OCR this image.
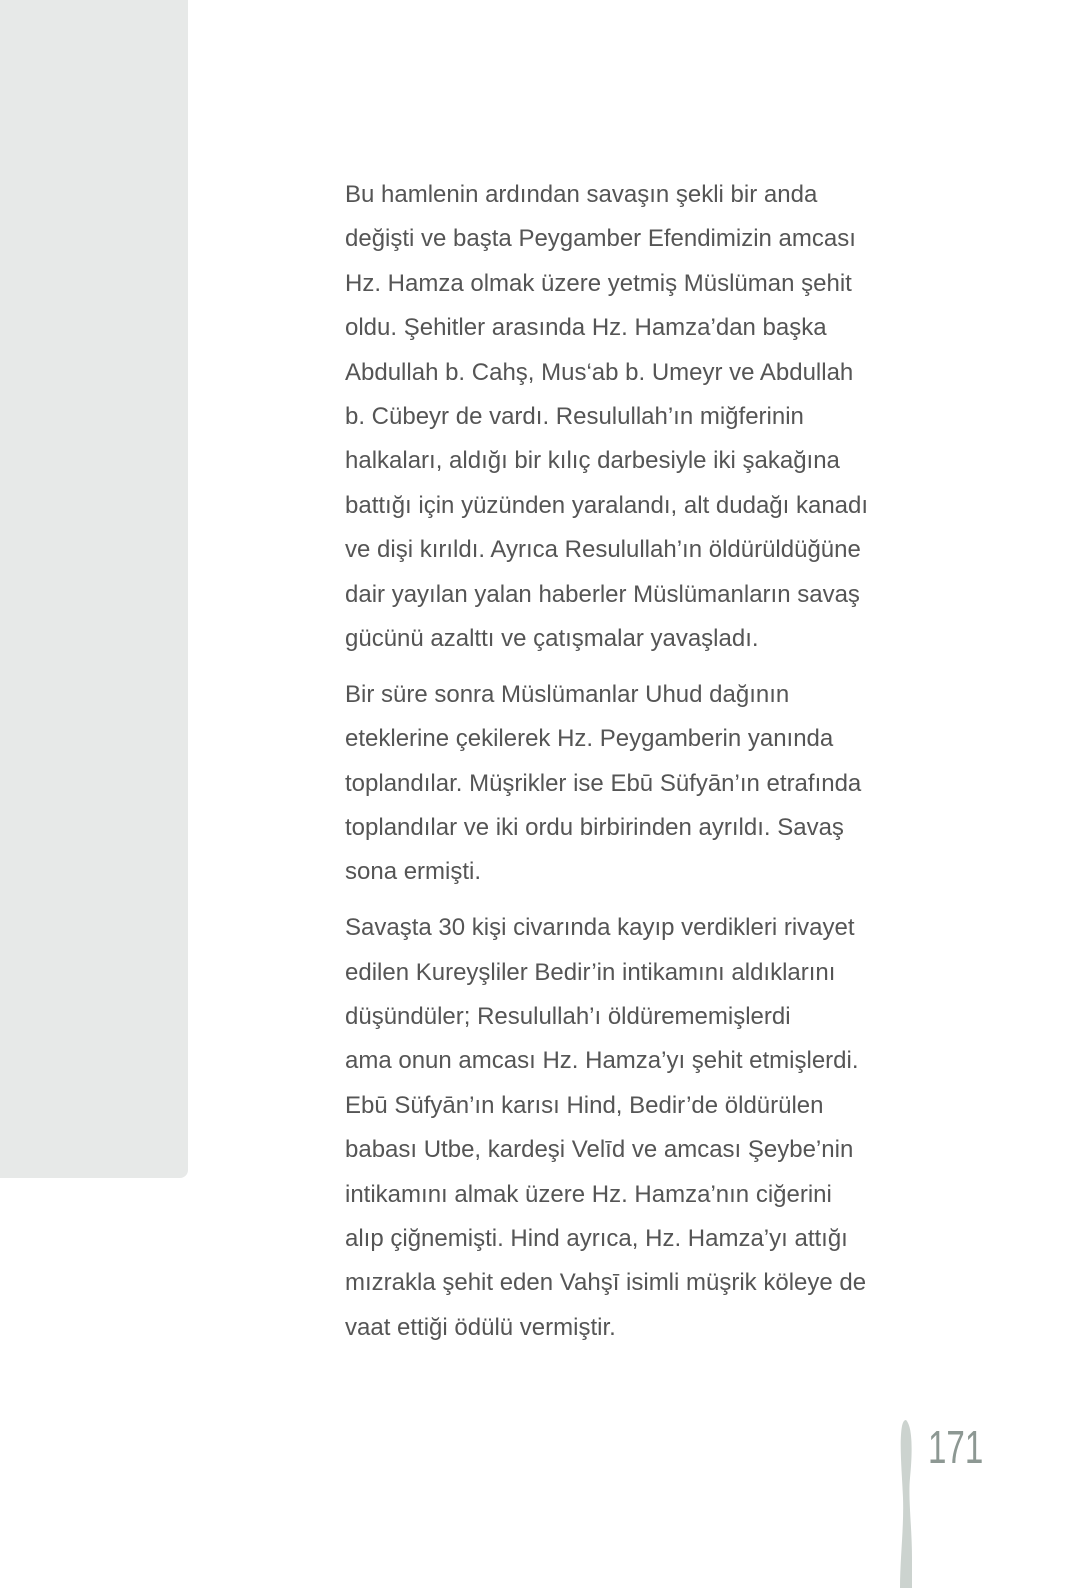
Bu hamlenin ardından savaşın şekli bir anda
değişti ve başta Peygamber Efendimizin amcası
Hz. Hamza olmak üzere yetmiş Müslüman şehit
oldu. Şehitler arasında Hz. Hamza’dan başka
Abdullah b. Cahş, Mus‘ab b. Umeyr ve Abdullah
b. Cübeyr de vardı. Resulullah’ın miğferinin
halkaları, aldığı bir kılıç darbesiyle iki şakağına
battığı için yüzünden yaralandı, alt dudağı kanadı
ve dişi kırıldı. Ayrıca Resulullah’ın öldürüldüğüne
dair yayılan yalan haberler Müslümanların savaş
gücünü azalttı ve çatışmalar yavaşladı.

Bir süre sonra Müslümanlar Uhud dağının
eteklerine çekilerek Hz. Peygamberin yanında
toplandılar. Müşrikler ise Ebū Süfyān’ın etrafında
toplandılar ve iki ordu birbirinden ayrıldı. Savaş
sona ermişti.

Savaşta 30 kişi civarında kayıp verdikleri rivayet
edilen Kureyşliler Bedir’in intikamını aldıklarını
düşündüler; Resulullah’ı öldürememişlerdi
ama onun amcası Hz. Hamza’yı şehit etmişlerdi.
Ebū Süfyān’ın karısı Hind, Bedir’de öldürülen
babası Utbe, kardeşi Velīd ve amcası Şeybe’nin
intikamını almak üzere Hz. Hamza’nın ciğerini
alıp çiğnemişti. Hind ayrıca, Hz. Hamza’yı attığı
mızrakla şehit eden Vahşī isimli müşrik köleye de
vaat ettiği ödülü vermiştir.

171
